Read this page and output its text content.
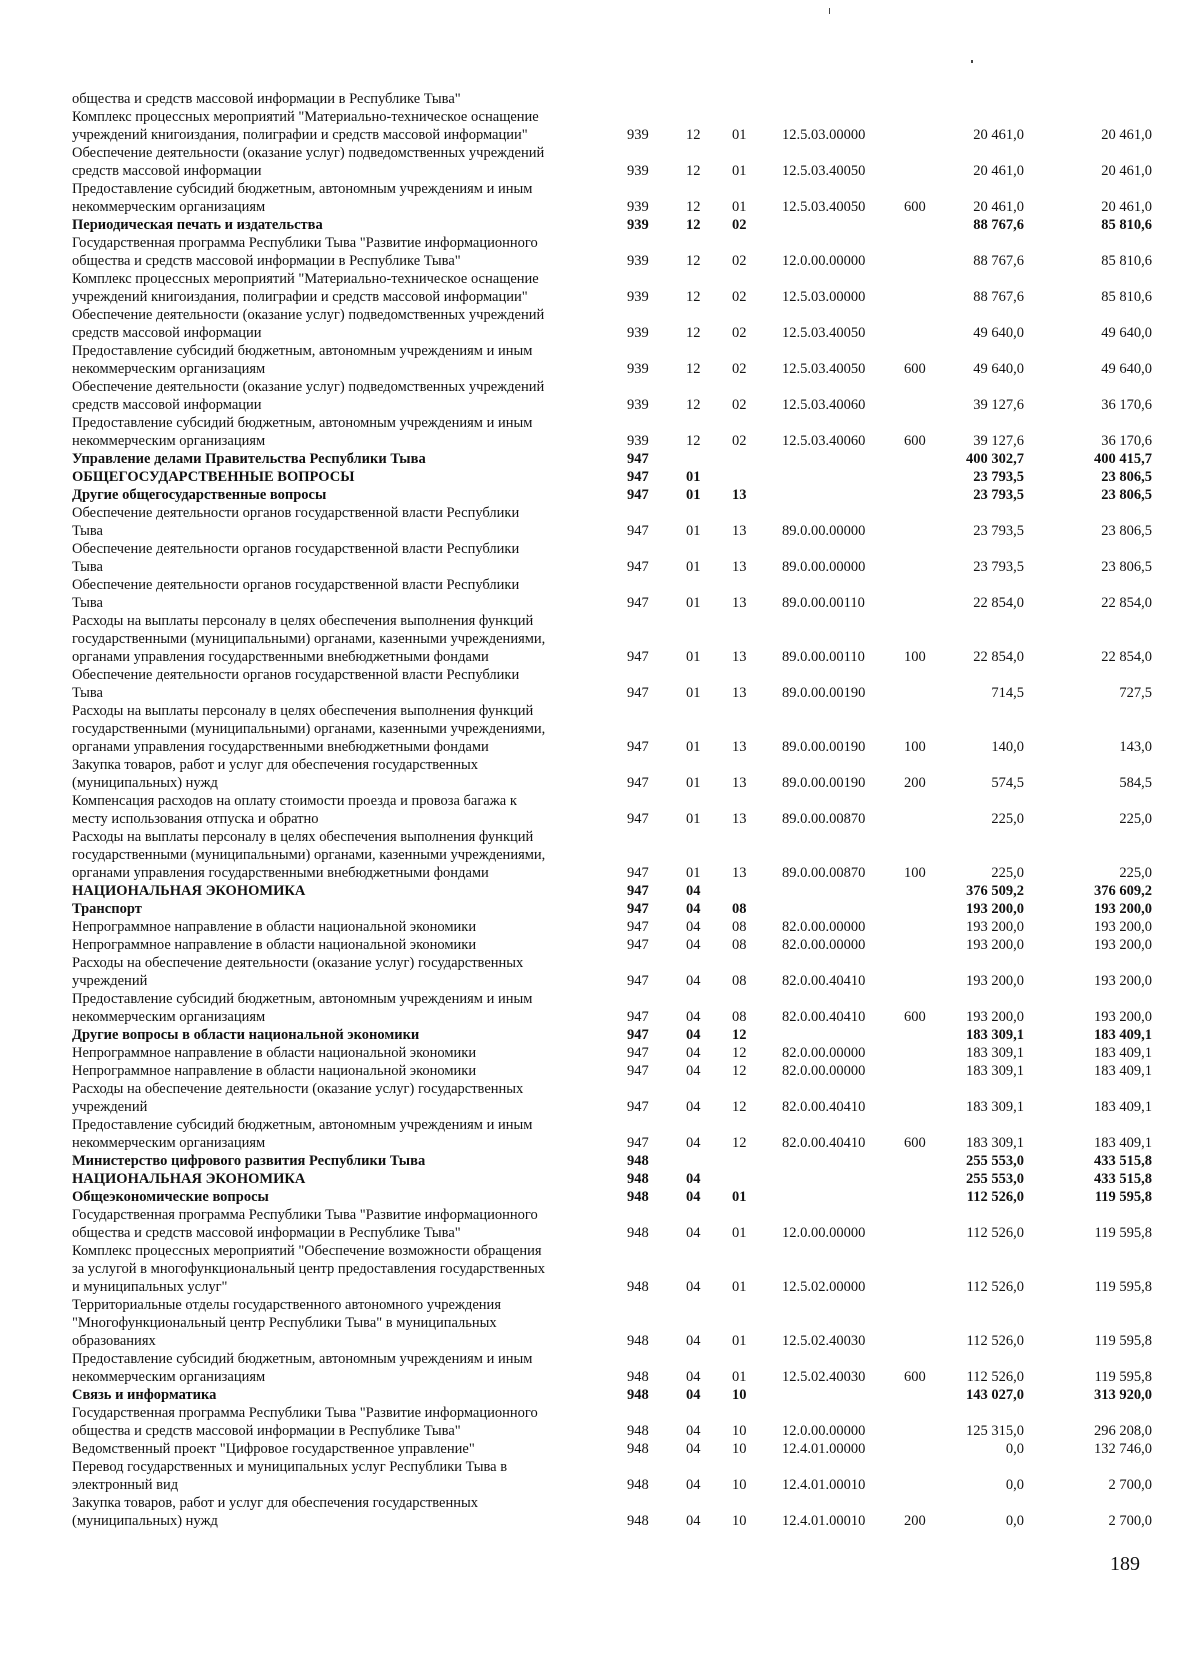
общества и средств массовой информации в Республике Тыва"
Комплекс процессных мероприятий "Материально-техническое оснащение
учреждений книгоиздания, полиграфии и средств массовой информации"	939	12 01 12.5.03.00000	20 461,0	20 461,0
Обеспечение деятельности (оказание услуг) подведомственных учреждений
средств массовой информации	939	12 01 12.5.03.40050	20 461,0	20 461,0
Предоставление субсидий бюджетным, автономным учреждениям и иным
некоммерческим организациям	939	12 01 12.5.03.40050	600	20 461,0	20 461,0
Периодическая печать и издательства	939	12 02	88 767,6	85 810,6
Государственная программа Республики Тыва "Развитие информационного
общества и средств массовой информации в Республике Тыва"	939	12 02 12.0.00.00000	88 767,6	85 810,6
Комплекс процессных мероприятий "Материально-техническое оснащение
учреждений книгоиздания, полиграфии и средств массовой информации"	939	12 02 12.5.03.00000	88 767,6	85 810,6
Обеспечение деятельности (оказание услуг) подведомственных учреждений
средств массовой информации	939	12 02 12.5.03.40050	49 640,0	49 640,0
Предоставление субсидий бюджетным, автономным учреждениям и иным
некоммерческим организациям	939	12 02 12.5.03.40050	600	49 640,0	49 640,0
Обеспечение деятельности (оказание услуг) подведомственных учреждений
средств массовой информации	939	12 02 12.5.03.40060	39 127,6	36 170,6
Предоставление субсидий бюджетным, автономным учреждениям и иным
некоммерческим организациям	939	12 02 12.5.03.40060	600	39 127,6	36 170,6
Управление делами Правительства Республики Тыва	947	400 302,7	400 415,7
ОБЩЕГОСУДАРСТВЕННЫЕ ВОПРОСЫ	947	01	23 793,5	23 806,5
Другие общегосударственные вопросы	947	01 13	23 793,5	23 806,5
Обеспечение деятельности органов государственной власти Республики
Тыва	947	01 13 89.0.00.00000	23 793,5	23 806,5
Обеспечение деятельности органов государственной власти Республики
Тыва	947	01 13 89.0.00.00000	23 793,5	23 806,5
Обеспечение деятельности органов государственной власти Республики
Тыва	947	01 13 89.0.00.00110	22 854,0	22 854,0
Расходы на выплаты персоналу в целях обеспечения выполнения функций
государственными (муниципальными) органами, казенными учреждениями,
органами управления государственными внебюджетными фондами	947	01 13 89.0.00.00110	100	22 854,0	22 854,0
Обеспечение деятельности органов государственной власти Республики
Тыва	947	01 13 89.0.00.00190	714,5	727,5
Расходы на выплаты персоналу в целях обеспечения выполнения функций
государственными (муниципальными) органами, казенными учреждениями,
органами управления государственными внебюджетными фондами	947	01 13 89.0.00.00190	100	140,0	143,0
Закупка товаров, работ и услуг для обеспечения государственных
(муниципальных) нужд	947	01 13 89.0.00.00190	200	574,5	584,5
Компенсация расходов на оплату стоимости проезда и провоза багажа к
месту использования отпуска и обратно	947	01 13 89.0.00.00870	225,0	225,0
Расходы на выплаты персоналу в целях обеспечения выполнения функций
государственными (муниципальными) органами, казенными учреждениями,
органами управления государственными внебюджетными фондами	947	01 13 89.0.00.00870	100	225,0	225,0
НАЦИОНАЛЬНАЯ ЭКОНОМИКА	947	04	376 509,2	376 609,2
Транспорт	947	04 08	193 200,0	193 200,0
Непрограммное направление в области национальной экономики	947	04 08 82.0.00.00000	193 200,0	193 200,0
Непрограммное направление в области национальной экономики	947	04 08 82.0.00.00000	193 200,0	193 200,0
Расходы на обеспечение деятельности (оказание услуг) государственных
учреждений	947	04 08 82.0.00.40410	193 200,0	193 200,0
Предоставление субсидий бюджетным, автономным учреждениям и иным
некоммерческим организациям	947	04 08 82.0.00.40410	600	193 200,0	193 200,0
Другие вопросы в области национальной экономики	947	04 12	183 309,1	183 409,1
Непрограммное направление в области национальной экономики	947	04 12 82.0.00.00000	183 309,1	183 409,1
Непрограммное направление в области национальной экономики	947	04 12 82.0.00.00000	183 309,1	183 409,1
Расходы на обеспечение деятельности (оказание услуг) государственных
учреждений	947	04 12 82.0.00.40410	183 309,1	183 409,1
Предоставление субсидий бюджетным, автономным учреждениям и иным
некоммерческим организациям	947	04 12 82.0.00.40410	600	183 309,1	183 409,1
Министерство цифрового развития Республики Тыва	948	255 553,0	433 515,8
НАЦИОНАЛЬНАЯ ЭКОНОМИКА	948	04	255 553,0	433 515,8
Общеэкономические вопросы	948	04 01	112 526,0	119 595,8
Государственная программа Республики Тыва "Развитие информационного
общества и средств массовой информации в Республике Тыва"	948	04 01 12.0.00.00000	112 526,0	119 595,8
Комплекс процессных мероприятий "Обеспечение возможности обращения
за услугой в многофункциональный центр предоставления государственных
и муниципальных услуг"	948	04 01 12.5.02.00000	112 526,0	119 595,8
Территориальные отделы государственного автономного учреждения
"Многофункциональный центр Республики Тыва" в муниципальных
образованиях	948	04 01 12.5.02.40030	112 526,0	119 595,8
Предоставление субсидий бюджетным, автономным учреждениям и иным
некоммерческим организациям	948	04 01 12.5.02.40030	600	112 526,0	119 595,8
Связь и информатика	948	04 10	143 027,0	313 920,0
Государственная программа Республики Тыва "Развитие информационного
общества и средств массовой информации в Республике Тыва"	948	04 10 12.0.00.00000	125 315,0	296 208,0
Ведомственный проект "Цифровое государственное управление"	948	04 10 12.4.01.00000	0,0	132 746,0
Перевод государственных и муниципальных услуг Республики Тыва в
электронный вид	948	04 10 12.4.01.00010	0,0	2 700,0
Закупка товаров, работ и услуг для обеспечения государственных
(муниципальных) нужд	948	04 10 12.4.01.00010	200	0,0	2 700,0
189
